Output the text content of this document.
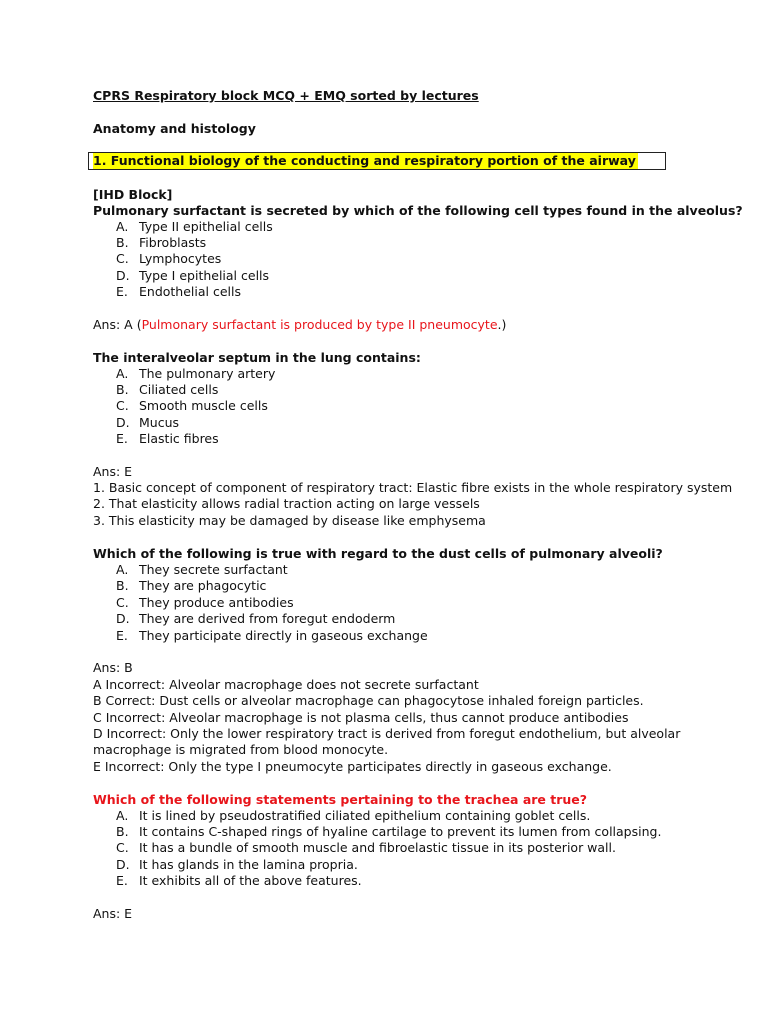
CPRS Respiratory block MCQ + EMQ sorted by lectures
Anatomy and histology
1. Functional biology of the conducting and respiratory portion of the airway
[IHD Block]
Pulmonary surfactant is secreted by which of the following cell types found in the alveolus?
A. Type II epithelial cells
B. Fibroblasts
C. Lymphocytes
D. Type I epithelial cells
E. Endothelial cells
Ans: A (Pulmonary surfactant is produced by type II pneumocyte.)
The interalveolar septum in the lung contains:
A. The pulmonary artery
B. Ciliated cells
C. Smooth muscle cells
D. Mucus
E. Elastic fibres
Ans: E
1. Basic concept of component of respiratory tract: Elastic fibre exists in the whole respiratory system
2. That elasticity allows radial traction acting on large vessels
3. This elasticity may be damaged by disease like emphysema
Which of the following is true with regard to the dust cells of pulmonary alveoli?
A. They secrete surfactant
B. They are phagocytic
C. They produce antibodies
D. They are derived from foregut endoderm
E. They participate directly in gaseous exchange
Ans: B
A Incorrect: Alveolar macrophage does not secrete surfactant
B Correct: Dust cells or alveolar macrophage can phagocytose inhaled foreign particles.
C Incorrect: Alveolar macrophage is not plasma cells, thus cannot produce antibodies
D Incorrect: Only the lower respiratory tract is derived from foregut endothelium, but alveolar
macrophage is migrated from blood monocyte.
E Incorrect: Only the type I pneumocyte participates directly in gaseous exchange.
Which of the following statements pertaining to the trachea are true?
A. It is lined by pseudostratified ciliated epithelium containing goblet cells.
B. It contains C-shaped rings of hyaline cartilage to prevent its lumen from collapsing.
C. It has a bundle of smooth muscle and fibroelastic tissue in its posterior wall.
D. It has glands in the lamina propria.
E. It exhibits all of the above features.
Ans: E
